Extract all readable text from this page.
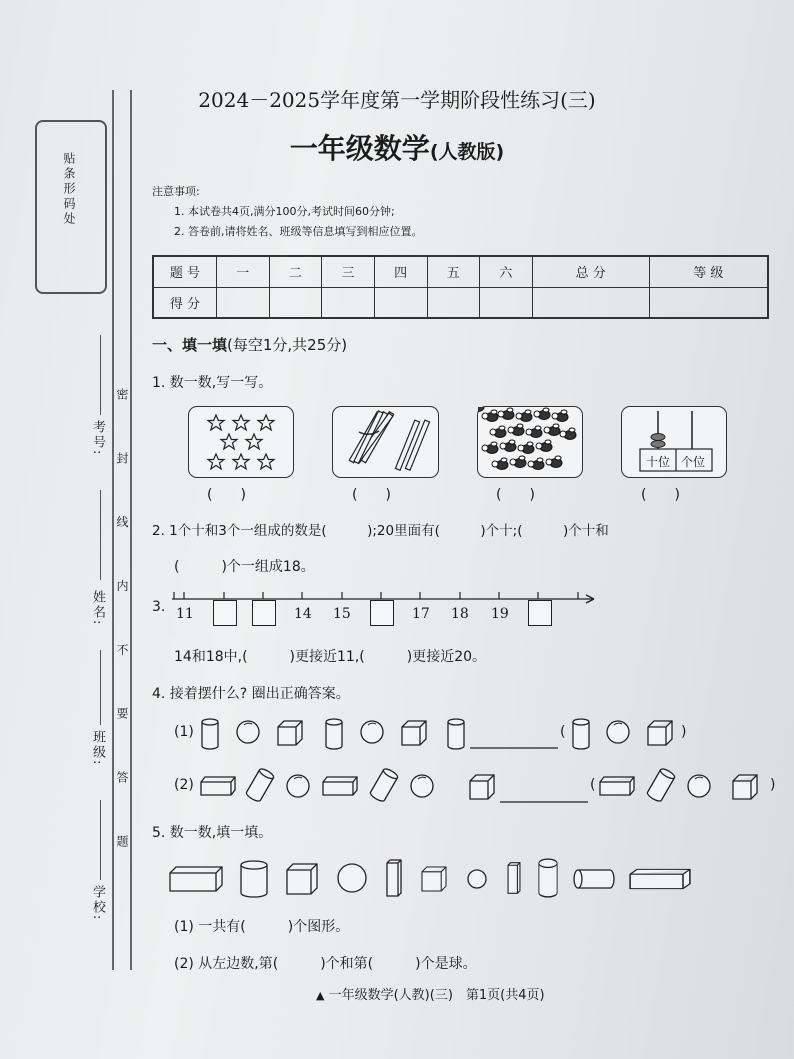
贴条形码处
密 封 线 内 不 要 答 题
考号:
姓名:
班级:
学校:
2024－2025学年度第一学期阶段性练习(三)
一年级数学(人教版)
注意事项:
1. 本试卷共4页,满分100分,考试时间60分钟;
2. 答卷前,请将姓名、班级等信息填写到相应位置。
题 号	一	二	三	四	五	六	总 分	等 级
得 分								
一、填一填(每空1分,共25分)
1. 数一数,写一写。
十位 个位
(　　)	(　　)	(　　)	(　　)
2. 1个十和3个一组成的数是(　　　);20里面有(　　　)个十;(　　　)个十和
(　　　)个一组成18。
3. 11	14 15	17 18 19
14和18中,(　　　)更接近11,(　　　)更接近20。
4. 接着摆什么? 圈出正确答案。
(1)	(	)
(2)	(	)
5. 数一数,填一填。
(1) 一共有(　　　)个图形。
(2) 从左边数,第(　　　)个和第(　　　)个是球。
▲ 一年级数学(人教)(三)　第1页(共4页)
